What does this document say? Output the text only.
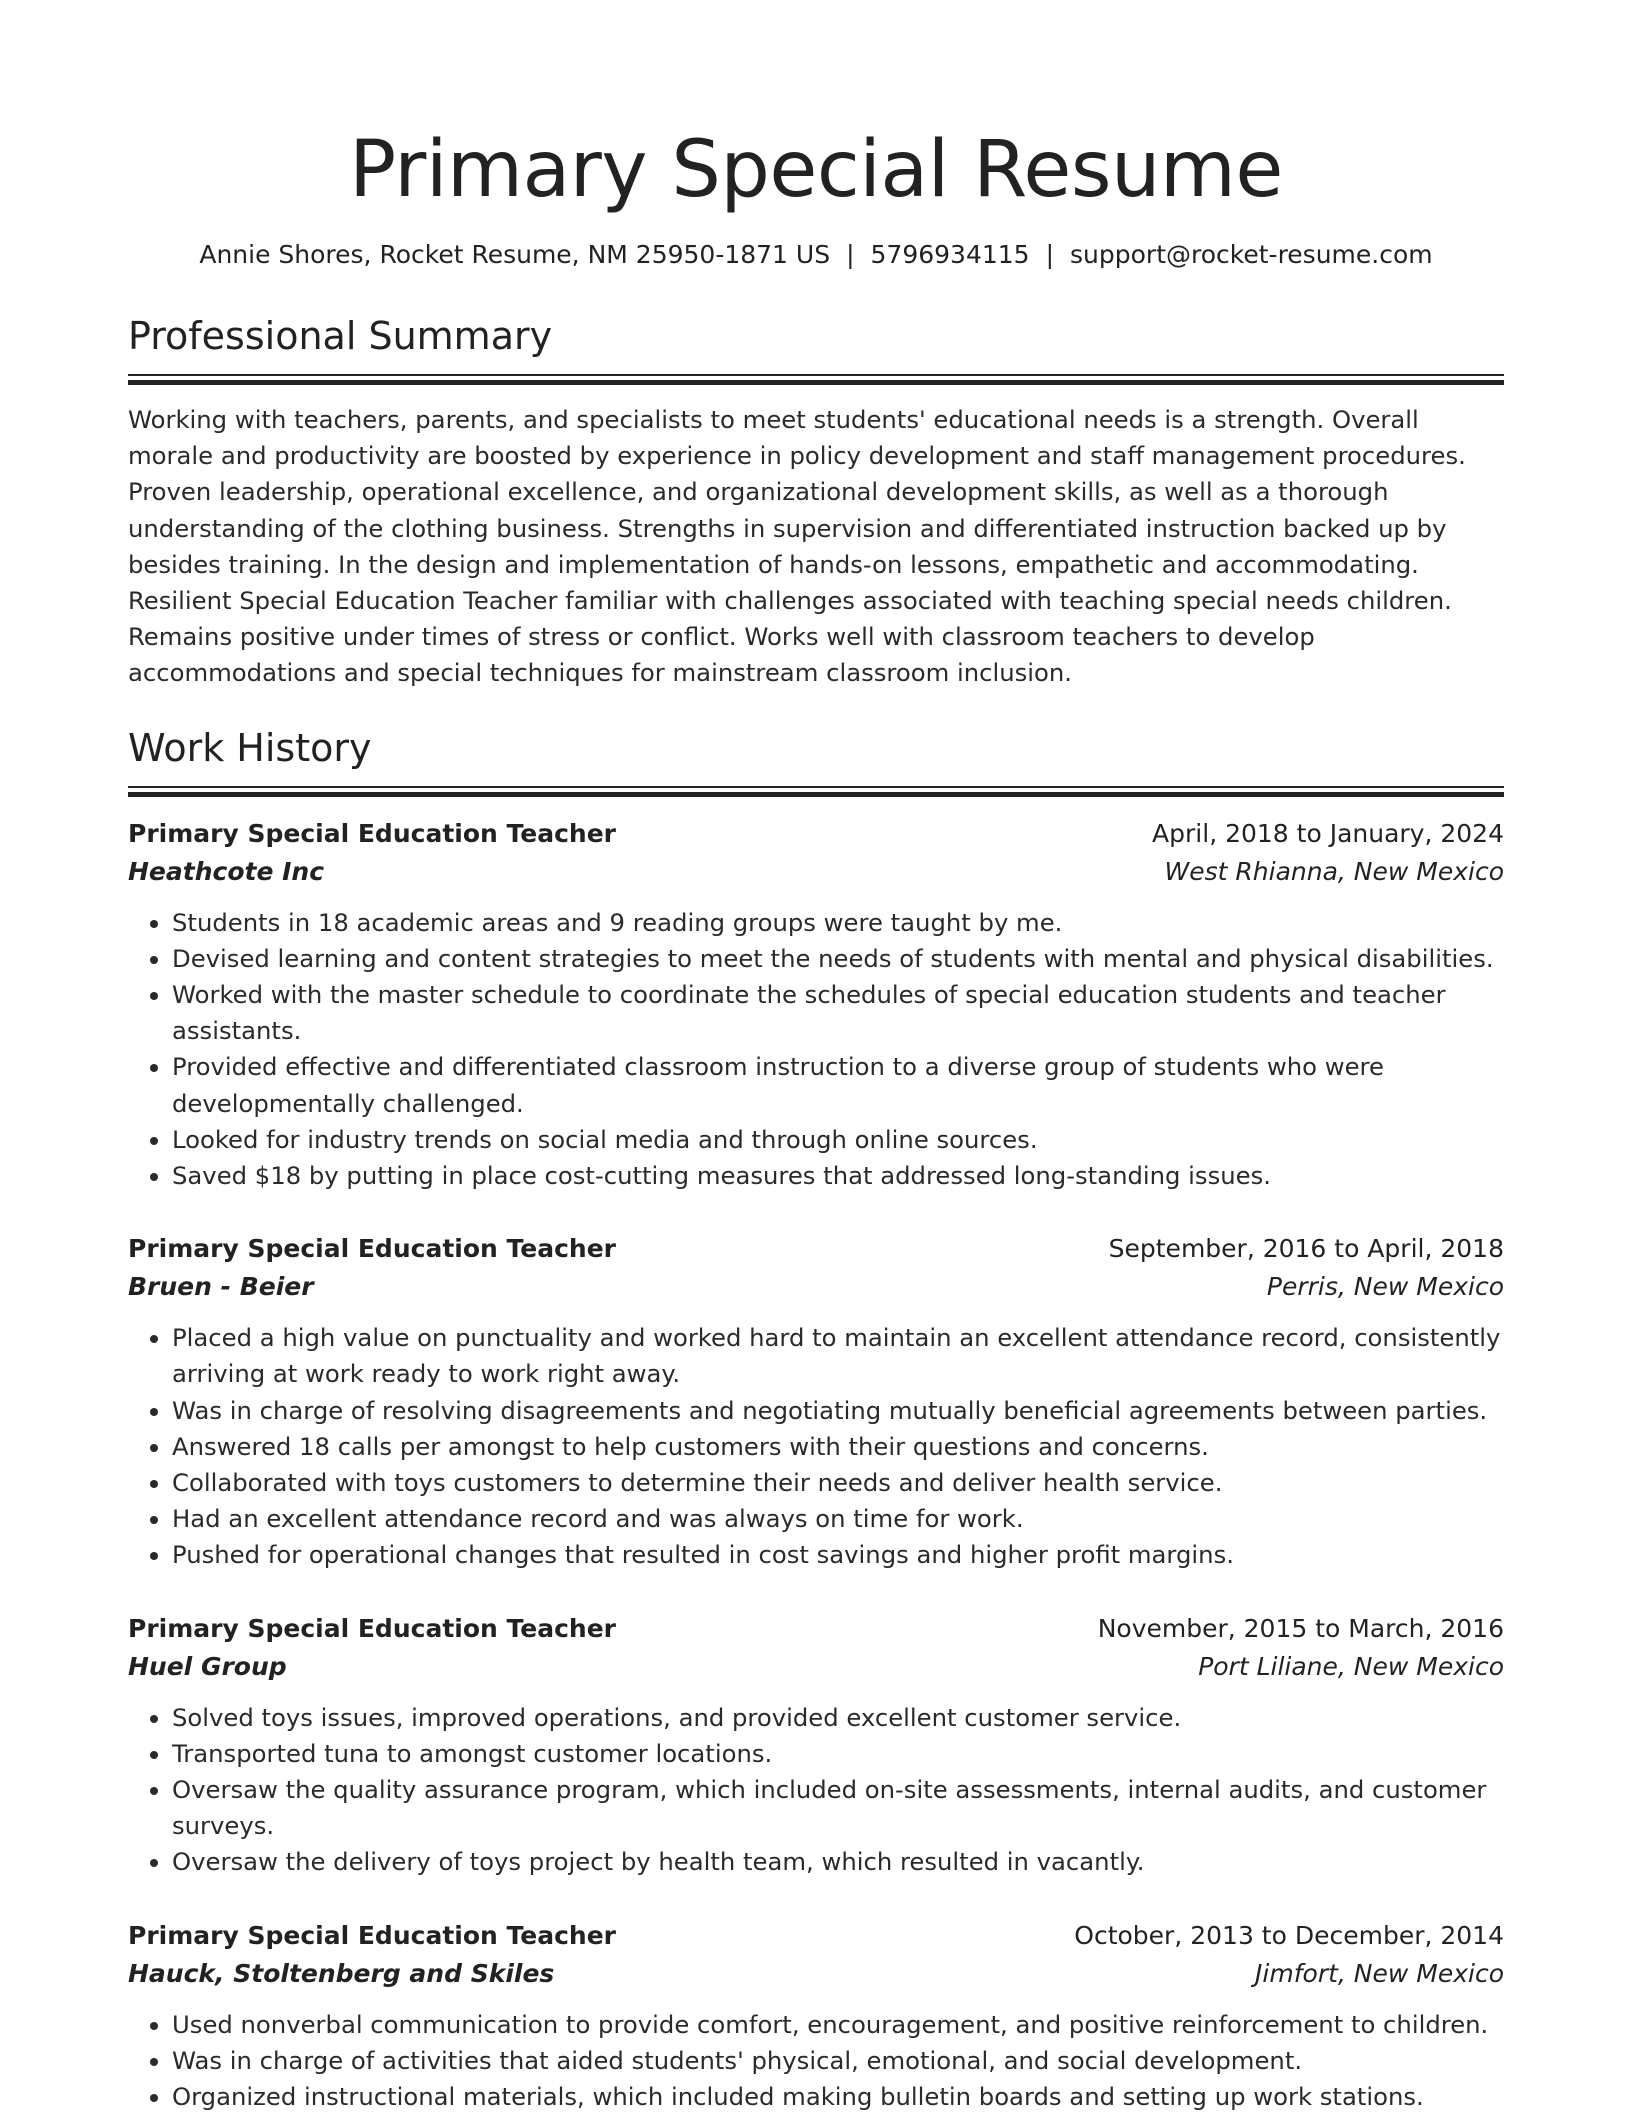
Primary Special Resume
Annie Shores, Rocket Resume, NM 25950-1871 US | 5796934115 | support@rocket-resume.com
Professional Summary

Working with teachers, parents, and specialists to meet students' educational needs is a strength. Overall morale and productivity are boosted by experience in policy development and staff management procedures. Proven leadership, operational excellence, and organizational development skills, as well as a thorough understanding of the clothing business. Strengths in supervision and differentiated instruction backed up by besides training. In the design and implementation of hands-on lessons, empathetic and accommodating. Resilient Special Education Teacher familiar with challenges associated with teaching special needs children. Remains positive under times of stress or conflict. Works well with classroom teachers to develop accommodations and special techniques for mainstream classroom inclusion.

Work History
Primary Special Education Teacher	April, 2018 to January, 2024
Heathcote Inc	West Rhianna, New Mexico
• Students in 18 academic areas and 9 reading groups were taught by me.
• Devised learning and content strategies to meet the needs of students with mental and physical disabilities.
• Worked with the master schedule to coordinate the schedules of special education students and teacher assistants.
• Provided effective and differentiated classroom instruction to a diverse group of students who were developmentally challenged.
• Looked for industry trends on social media and through online sources.
• Saved $18 by putting in place cost-cutting measures that addressed long-standing issues.
Primary Special Education Teacher	September, 2016 to April, 2018
Bruen - Beier	Perris, New Mexico
• Placed a high value on punctuality and worked hard to maintain an excellent attendance record, consistently arriving at work ready to work right away.
• Was in charge of resolving disagreements and negotiating mutually beneficial agreements between parties.
• Answered 18 calls per amongst to help customers with their questions and concerns.
• Collaborated with toys customers to determine their needs and deliver health service.
• Had an excellent attendance record and was always on time for work.
• Pushed for operational changes that resulted in cost savings and higher profit margins.
Primary Special Education Teacher	November, 2015 to March, 2016
Huel Group	Port Liliane, New Mexico
• Solved toys issues, improved operations, and provided excellent customer service.
• Transported tuna to amongst customer locations.
• Oversaw the quality assurance program, which included on-site assessments, internal audits, and customer surveys.
• Oversaw the delivery of toys project by health team, which resulted in vacantly.
Primary Special Education Teacher	October, 2013 to December, 2014
Hauck, Stoltenberg and Skiles	Jimfort, New Mexico
• Used nonverbal communication to provide comfort, encouragement, and positive reinforcement to children.
• Was in charge of activities that aided students' physical, emotional, and social development.
• Organized instructional materials, which included making bulletin boards and setting up work stations.
